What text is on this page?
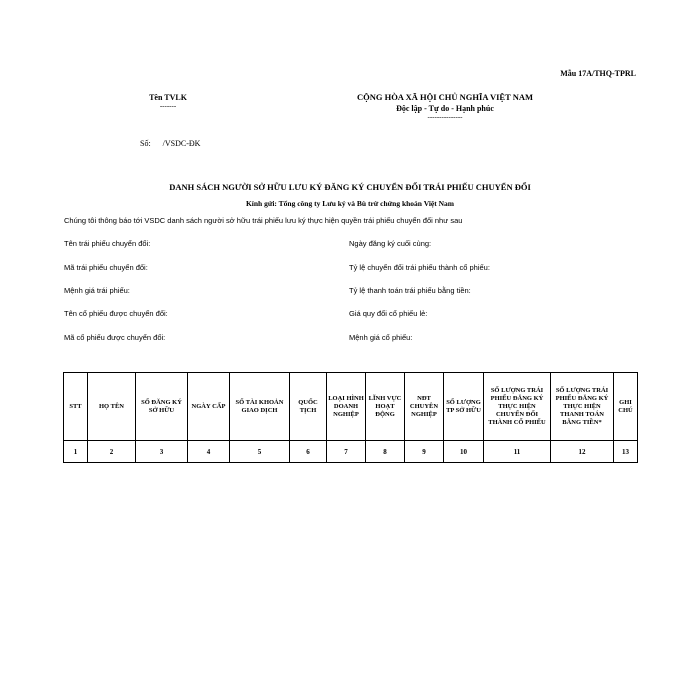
Mẫu 17A/THQ-TPRL
Tên TVLK
-------
CỘNG HÒA XÃ HỘI CHỦ NGHĨA VIỆT NAM
Độc lập - Tự do - Hạnh phúc
---------------
Số: /VSDC-ĐK
DANH SÁCH NGƯỜI SỞ HỮU LƯU KÝ ĐĂNG KÝ CHUYỂN ĐỔI TRÁI PHIẾU CHUYỂN ĐỔI
Kính gửi: Tổng công ty Lưu ký và Bù trừ chứng khoán Việt Nam
Chúng tôi thông báo tới VSDC danh sách người sở hữu trái phiếu lưu ký thực hiện quyền trái phiếu chuyển đổi như sau
Tên trái phiếu chuyển đổi:
Mã trái phiếu chuyển đổi:
Mệnh giá trái phiếu:
Tên cổ phiếu được chuyển đổi:
Mã cổ phiếu được chuyển đổi:
Ngày đăng ký cuối cùng:
Tỷ lệ chuyển đổi trái phiếu thành cổ phiếu:
Tỷ lệ thanh toán trái phiếu bằng tiền:
Giá quy đổi cổ phiếu lẻ:
Mệnh giá cổ phiếu:
STT	HỌ TÊN	SỐ ĐĂNG KÝ SỞ HỮU	NGÀY CẤP	SỐ TÀI KHOẢN GIAO DỊCH	QUỐC TỊCH	LOẠI HÌNH DOANH NGHIỆP	LĨNH VỰC HOẠT ĐỘNG	NĐT CHUYÊN NGHIỆP	SỐ LƯỢNG TP SỞ HỮU	SỐ LƯỢNG TRÁI PHIẾU ĐĂNG KÝ THỰC HIỆN CHUYỂN ĐỔI THÀNH CỔ PHIẾU	SỐ LƯỢNG TRÁI PHIẾU ĐĂNG KÝ THỰC HIỆN THANH TOÁN BẰNG TIỀN*	GHI CHÚ
1	2	3	4	5	6	7	8	9	10	11	12	13
